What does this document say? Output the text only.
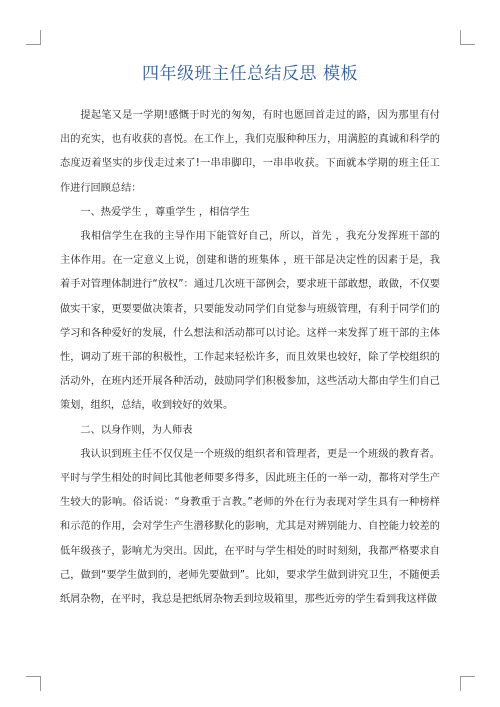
四年级班主任总结反思 模板

提起笔又是一学期!感慨于时光的匆匆，有时也愿回首走过的路，因为那里有付出的充实，也有收获的喜悦。在工作上，我们克服种种压力，用满腔的真诚和科学的态度迈着坚实的步伐走过来了!一串串脚印，一串串收获。下面就本学期的班主任工作进行回顾总结：

一、热爱学生 ，尊重学生 ，相信学生

我相信学生在我的主导作用下能管好自己，所以，首先 ，我充分发挥班干部的主体作用。在一定意义上说，创建和谐的班集体 ，班干部是决定性的因素于是，我着手对管理体制进行“放权”：通过几次班干部例会，要求班干部敢想，敢做，不仅要做实干家，更要要做决策者，只要能发动同学们自觉参与班级管理，有利于同学们的学习和各种爱好的发展，什么想法和活动都可以讨论。这样一来发挥了班干部的主体性，调动了班干部的积极性，工作起来轻松许多，而且效果也较好，除了学校组织的活动外，在班内还开展各种活动，鼓励同学们积极参加，这些活动大都由学生们自己策划，组织，总结，收到较好的效果。

二、以身作则，为人师表

我认识到班主任不仅仅是一个班级的组织者和管理者，更是一个班级的教育者。平时与学生相处的时间比其他老师要多得多，因此班主任的一举一动，都将对学生产生较大的影响。俗话说：“身教重于言教。”老师的外在行为表现对学生具有一种榜样和示范的作用，会对学生产生潜移默化的影响，尤其是对辨别能力、自控能力较差的低年级孩子，影响尤为突出。因此，在平时与学生相处的时时刻刻，我都严格要求自己，做到“要学生做到的，老师先要做到”。比如，要求学生做到讲究卫生，不随便丢纸屑杂物，在平时，我总是把纸屑杂物丢到垃圾箱里，那些近旁的学生看到我这样做
